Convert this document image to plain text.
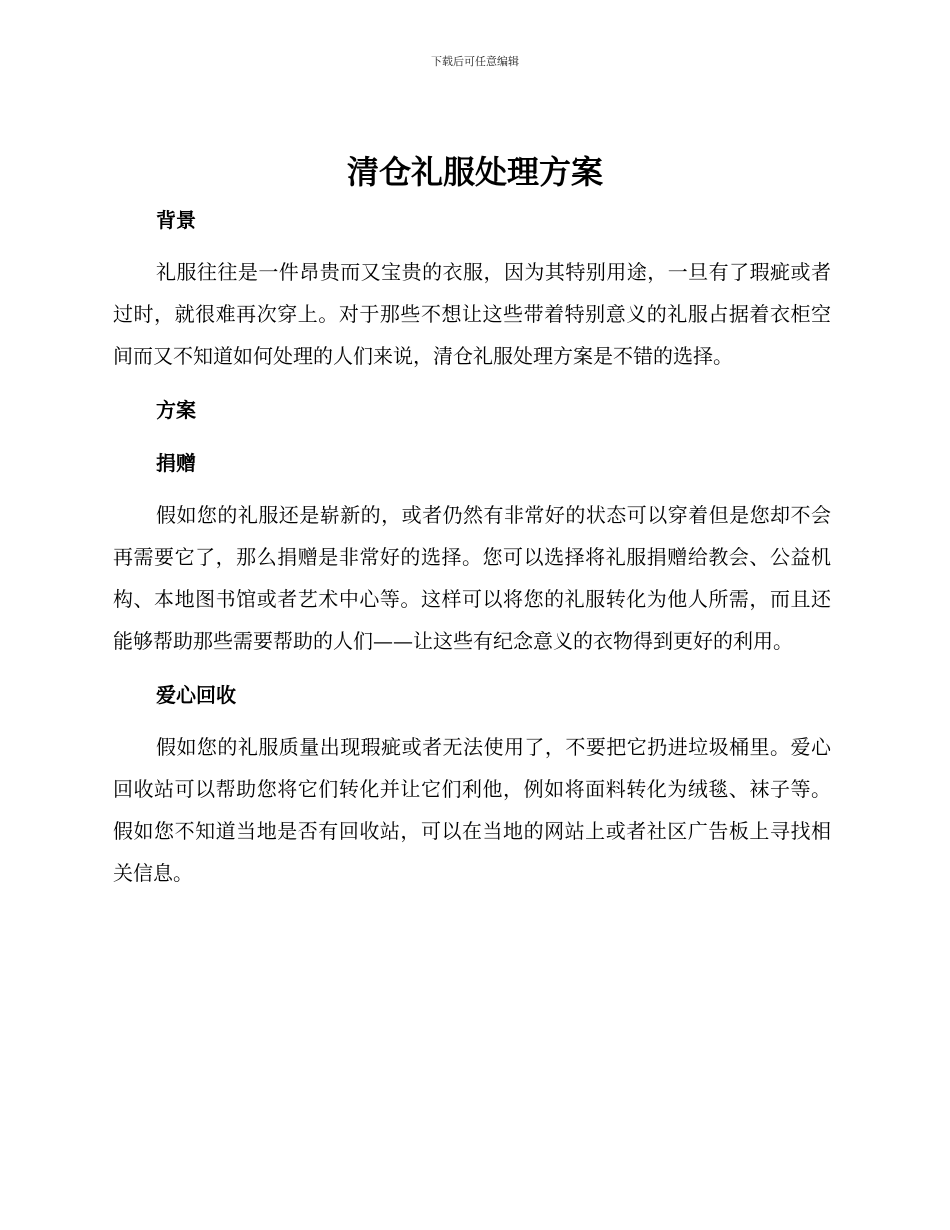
下载后可任意编辑
清仓礼服处理方案
背景

礼服往往是一件昂贵而又宝贵的衣服，因为其特别用途，一旦有了瑕疵或者过时，就很难再次穿上。对于那些不想让这些带着特别意义的礼服占据着衣柜空间而又不知道如何处理的人们来说，清仓礼服处理方案是不错的选择。

方案
捐赠

假如您的礼服还是崭新的，或者仍然有非常好的状态可以穿着但是您却不会再需要它了，那么捐赠是非常好的选择。您可以选择将礼服捐赠给教会、公益机构、本地图书馆或者艺术中心等。这样可以将您的礼服转化为他人所需，而且还能够帮助那些需要帮助的人们——让这些有纪念意义的衣物得到更好的利用。

爱心回收

假如您的礼服质量出现瑕疵或者无法使用了，不要把它扔进垃圾桶里。爱心回收站可以帮助您将它们转化并让它们利他，例如将面料转化为绒毯、袜子等。假如您不知道当地是否有回收站，可以在当地的网站上或者社区广告板上寻找相关信息。
